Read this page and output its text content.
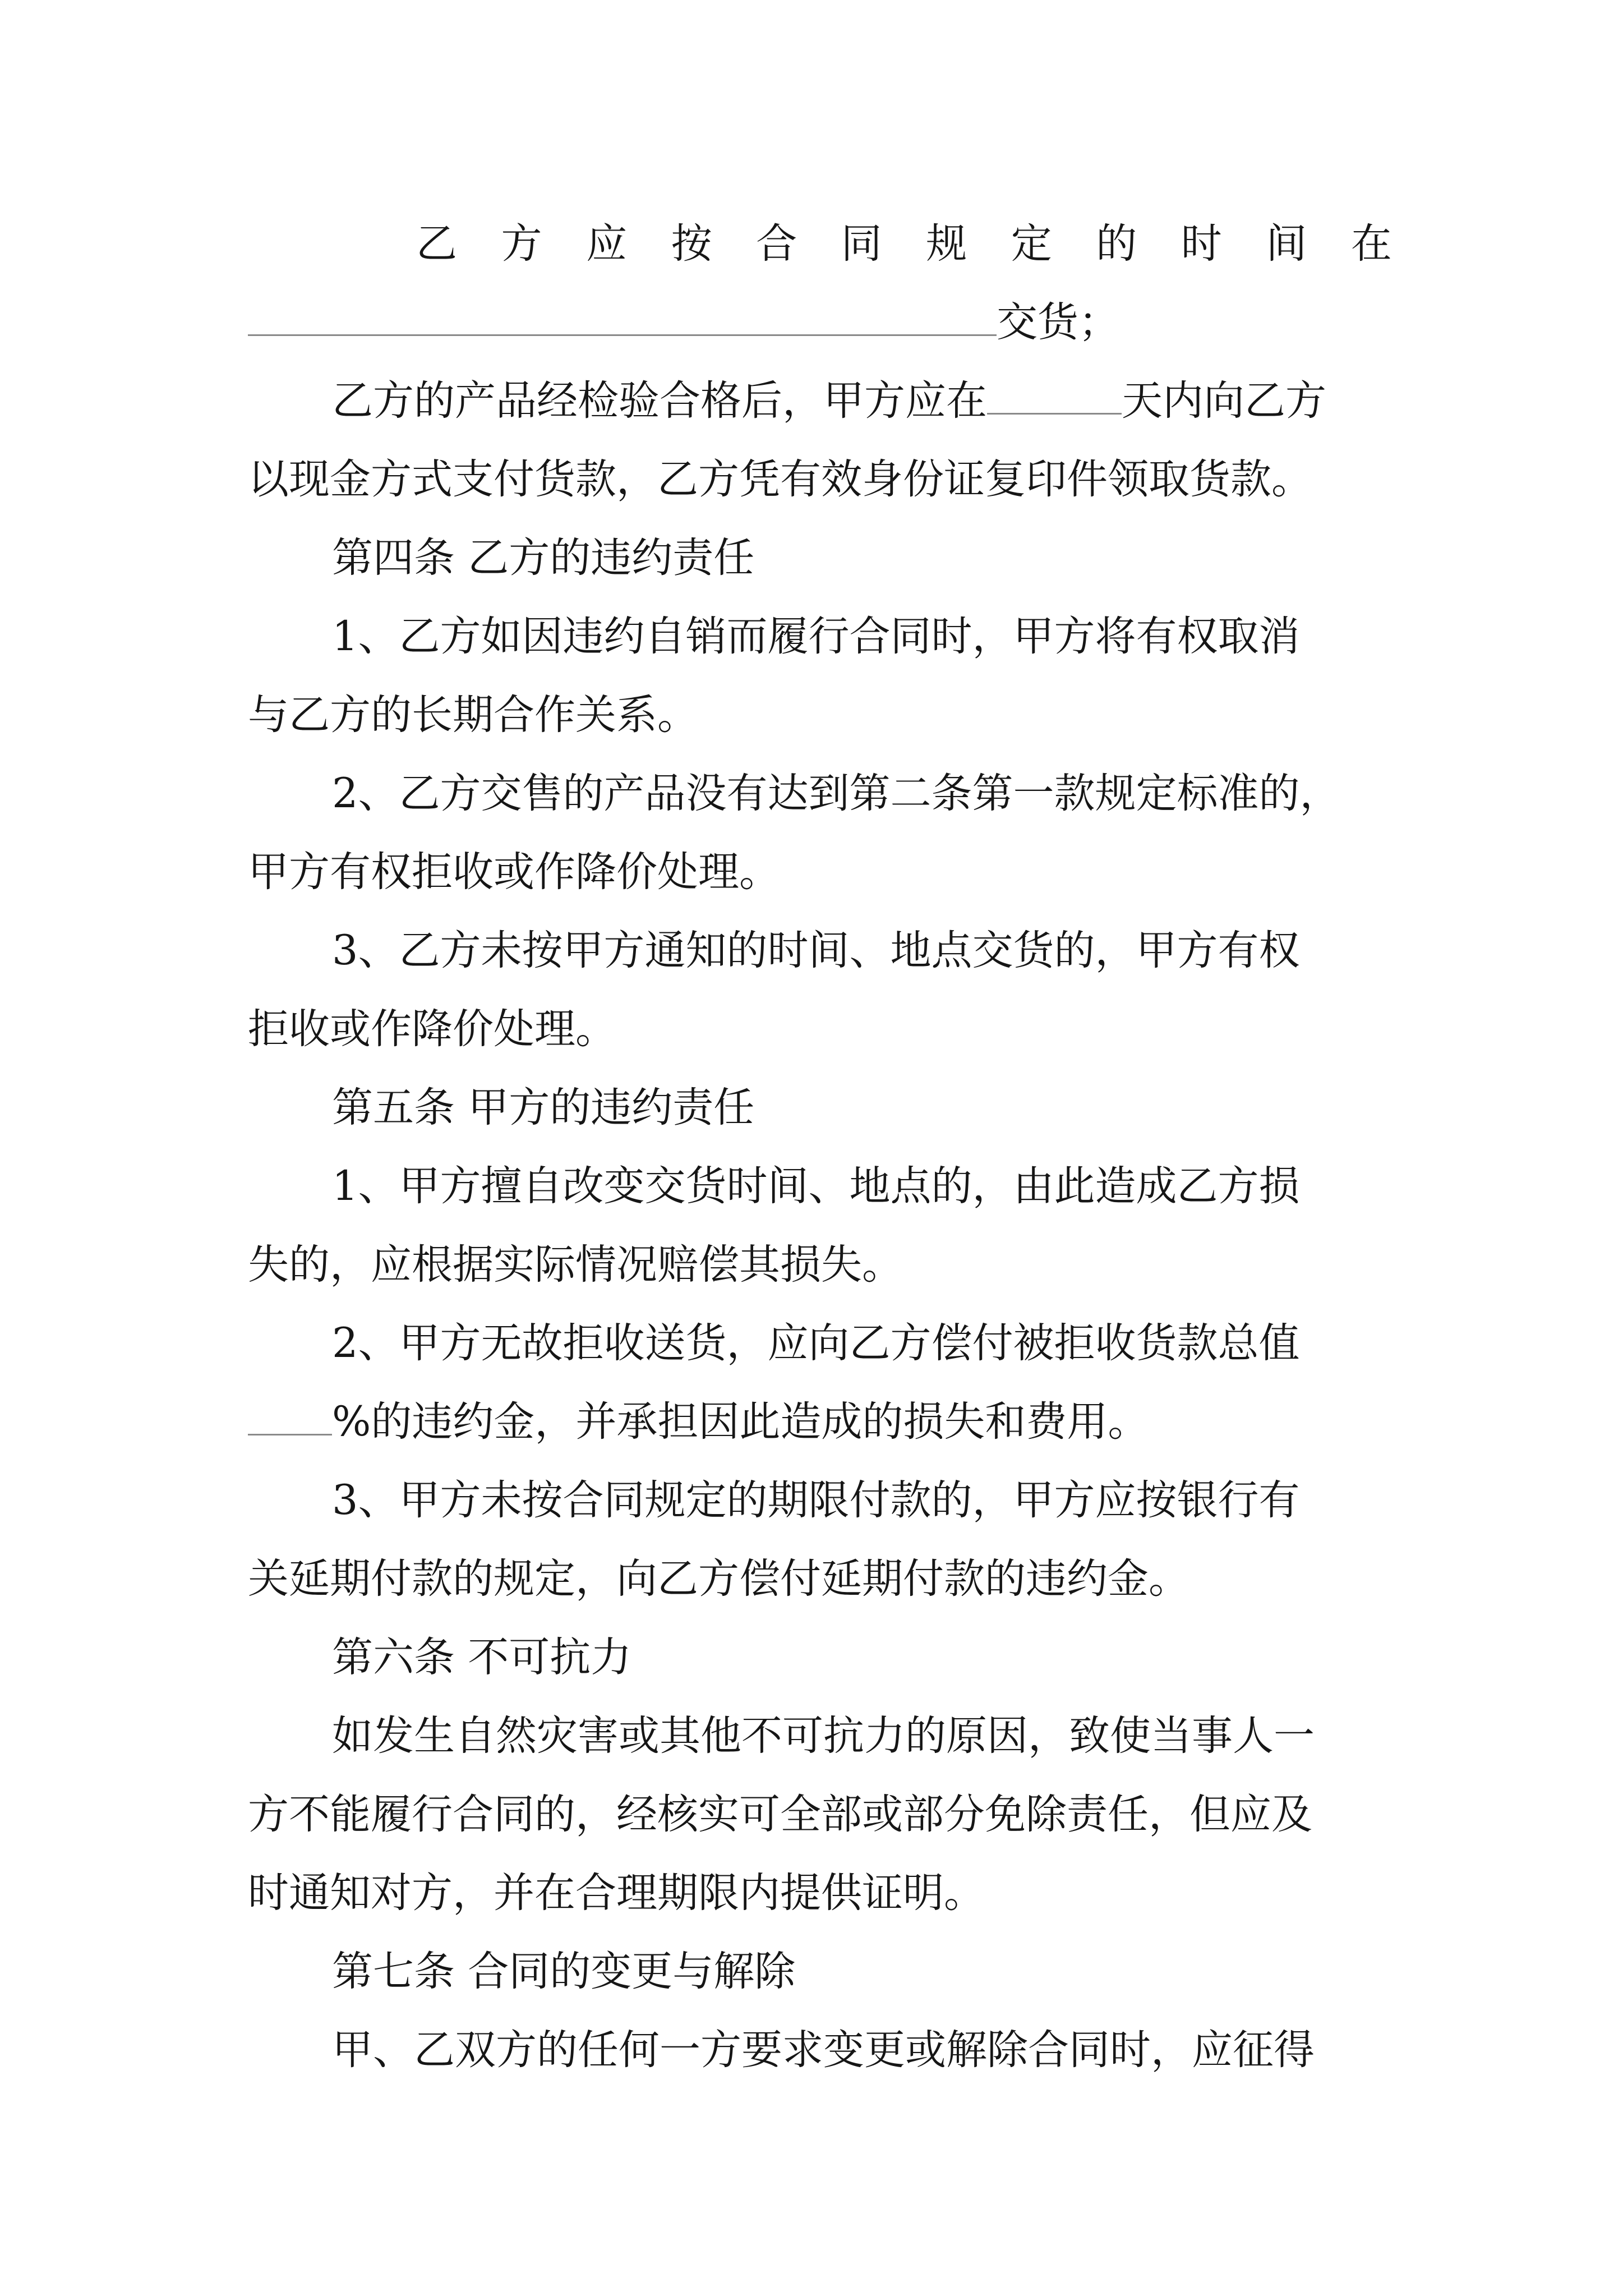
乙 方 应 按 合 同 规 定 的 时 间 在
交货；
乙方的产品经检验合格后，甲方应在	天内向乙方
以现金方式支付货款，乙方凭有效身份证复印件领取货款。
第四条 乙方的违约责任
1、乙方如因违约自销而履行合同时，甲方将有权取消
与乙方的长期合作关系。
2、乙方交售的产品没有达到第二条第一款规定标准的，
甲方有权拒收或作降价处理。
3、乙方未按甲方通知的时间、地点交货的，甲方有权
拒收或作降价处理。
第五条 甲方的违约责任
1、甲方擅自改变交货时间、地点的，由此造成乙方损
失的，应根据实际情况赔偿其损失。
2、甲方无故拒收送货，应向乙方偿付被拒收货款总值
%的违约金，并承担因此造成的损失和费用。
3、甲方未按合同规定的期限付款的，甲方应按银行有
关延期付款的规定，向乙方偿付延期付款的违约金。
第六条 不可抗力
如发生自然灾害或其他不可抗力的原因，致使当事人一
方不能履行合同的，经核实可全部或部分免除责任，但应及
时通知对方，并在合理期限内提供证明。
第七条 合同的变更与解除
甲、乙双方的任何一方要求变更或解除合同时，应征得
